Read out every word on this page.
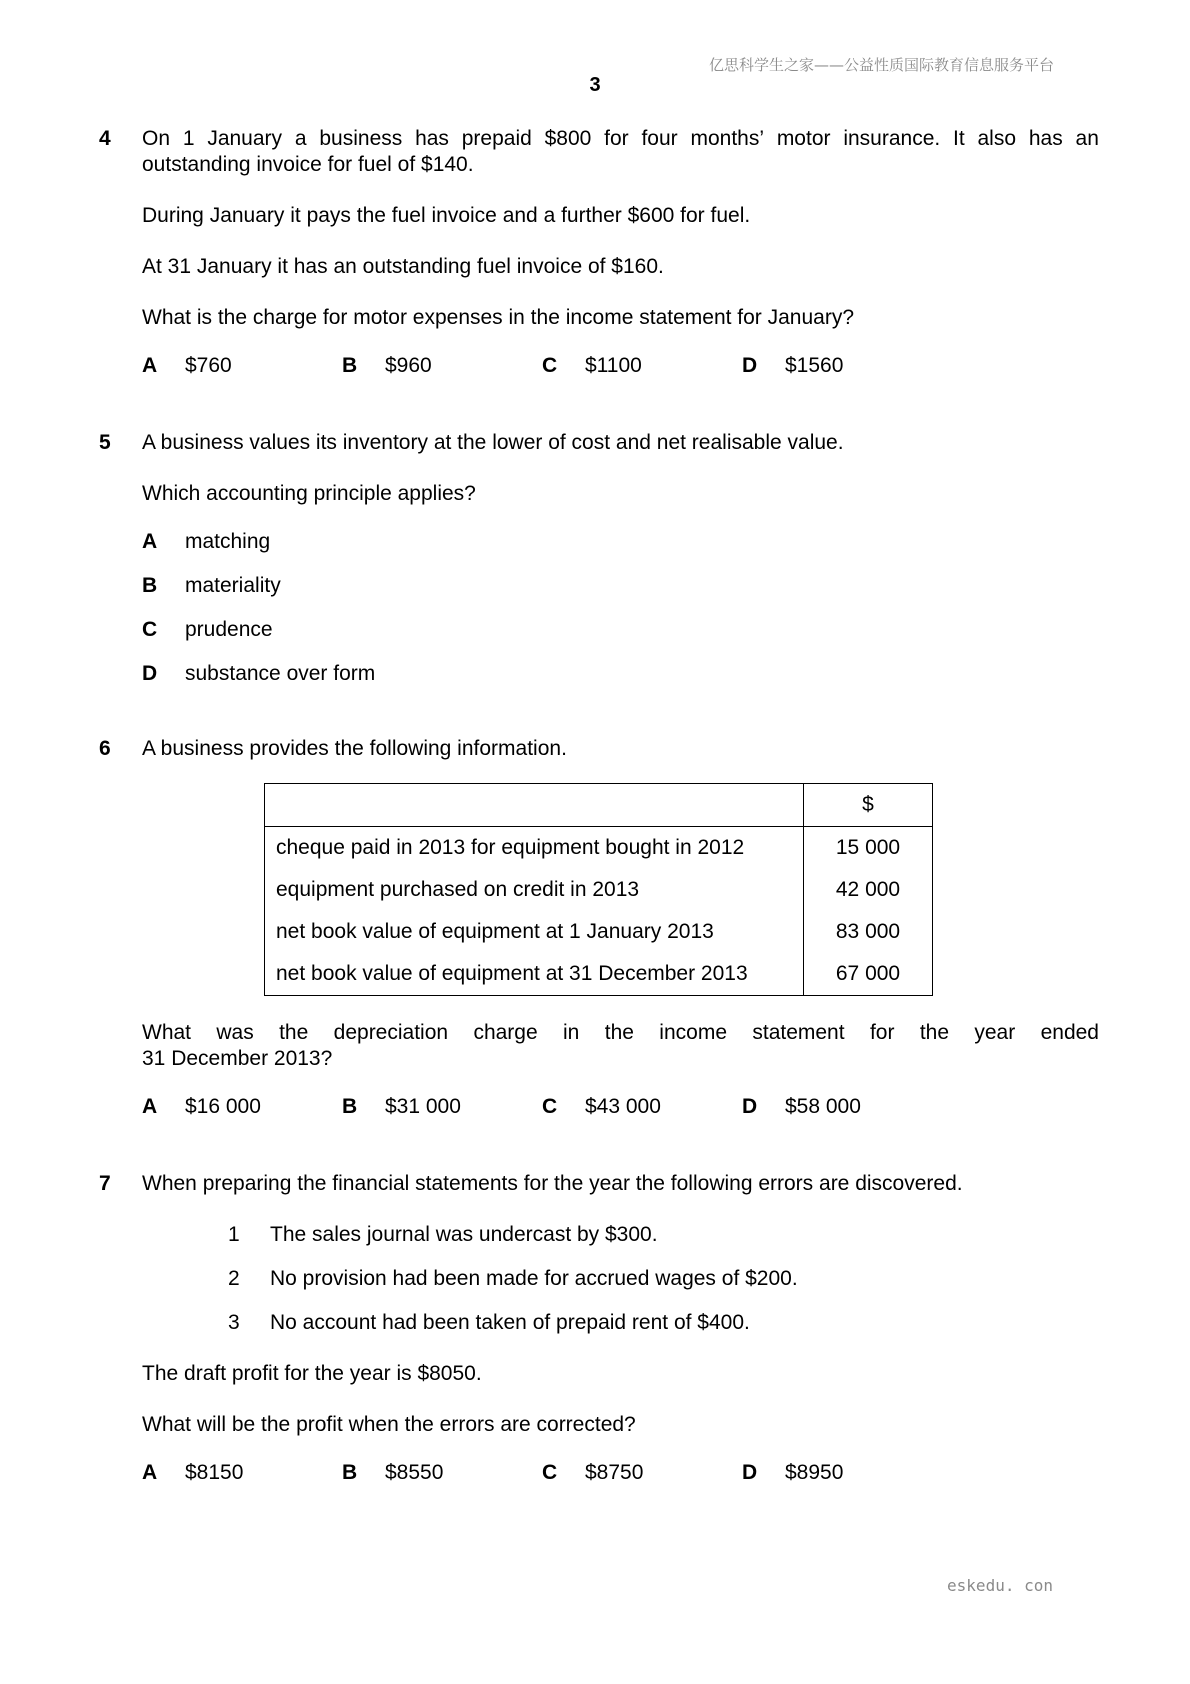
亿思科学生之家——公益性质国际教育信息服务平台
3
4 On 1 January a business has prepaid $800 for four months’ motor insurance. It also has an
outstanding invoice for fuel of $140.
During January it pays the fuel invoice and a further $600 for fuel.
At 31 January it has an outstanding fuel invoice of $160.
What is the charge for motor expenses in the income statement for January?
A $760	B $960	C $1100	D $1560
5 A business values its inventory at the lower of cost and net realisable value.
Which accounting principle applies?
A matching
B materiality
C prudence
D substance over form
6 A business provides the following information.
	$
cheque paid in 2013 for equipment bought in 2012	15 000
equipment purchased on credit in 2013	42 000
net book value of equipment at 1 January 2013	83 000
net book value of equipment at 31 December 2013	67 000
What was the depreciation charge in the income statement for the year ended
31 December 2013?
A $16 000	B $31 000	C $43 000	D $58 000
7 When preparing the financial statements for the year the following errors are discovered.
1 The sales journal was undercast by $300.
2 No provision had been made for accrued wages of $200.
3 No account had been taken of prepaid rent of $400.
The draft profit for the year is $8050.
What will be the profit when the errors are corrected?
A $8150	B $8550	C $8750	D $8950
eskedu. con
